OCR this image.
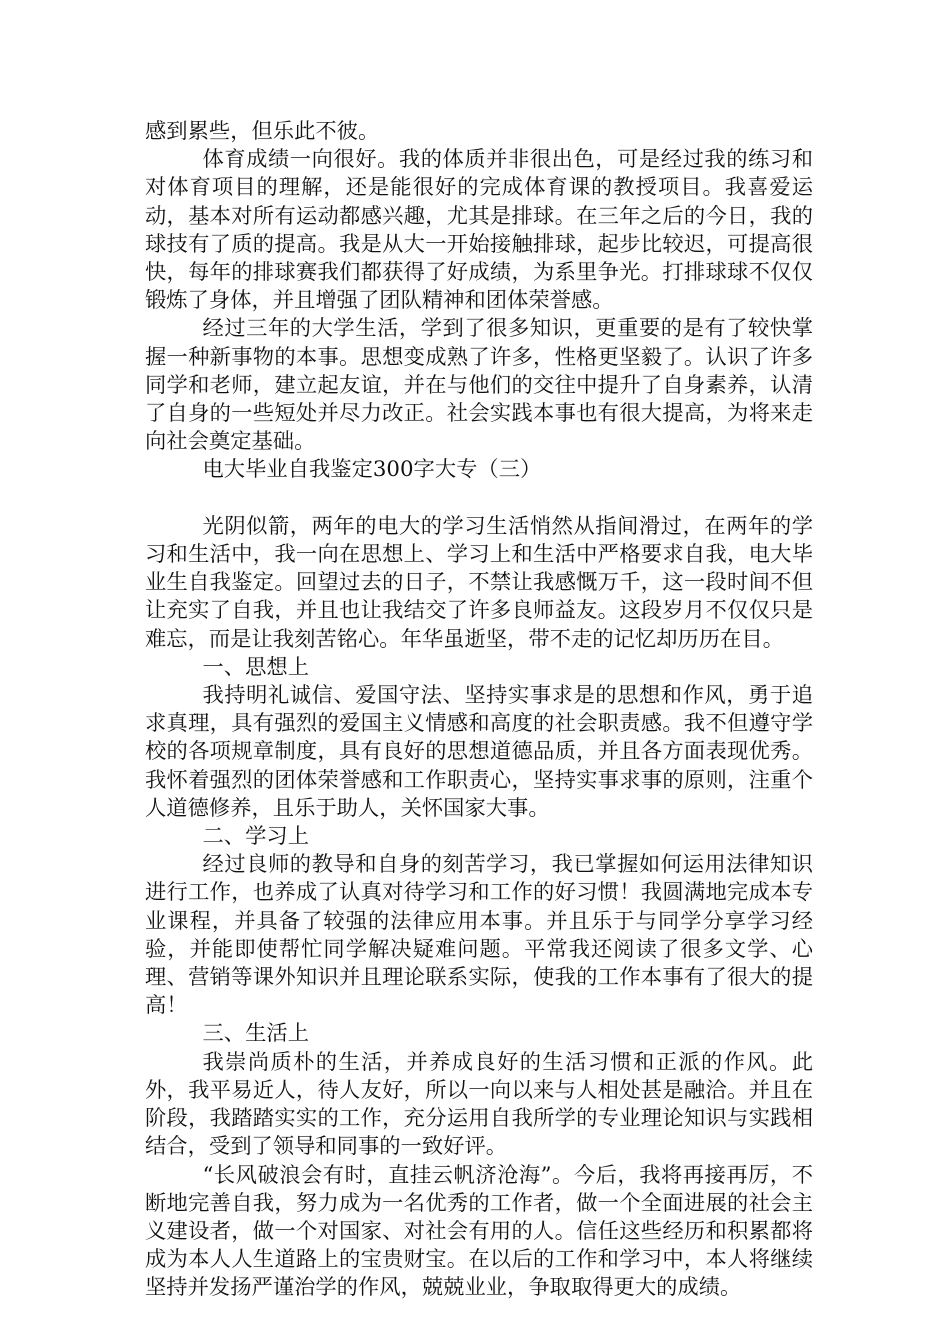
感到累些，但乐此不彼。

体育成绩一向很好。我的体质并非很出色，可是经过我的练习和对体育项目的理解，还是能很好的完成体育课的教授项目。我喜爱运动，基本对所有运动都感兴趣，尤其是排球。在三年之后的今日，我的球技有了质的提高。我是从大一开始接触排球，起步比较迟，可提高很快，每年的排球赛我们都获得了好成绩，为系里争光。打排球球不仅仅锻炼了身体，并且增强了团队精神和团体荣誉感。

经过三年的大学生活，学到了很多知识，更重要的是有了较快掌握一种新事物的本事。思想变成熟了许多，性格更坚毅了。认识了许多同学和老师，建立起友谊，并在与他们的交往中提升了自身素养，认清了自身的一些短处并尽力改正。社会实践本事也有很大提高，为将来走向社会奠定基础。

电大毕业自我鉴定300字大专（三）

光阴似箭，两年的电大的学习生活悄然从指间滑过，在两年的学习和生活中，我一向在思想上、学习上和生活中严格要求自我，电大毕业生自我鉴定。回望过去的日子，不禁让我感慨万千，这一段时间不但让充实了自我，并且也让我结交了许多良师益友。这段岁月不仅仅只是难忘，而是让我刻苦铭心。年华虽逝坚，带不走的记忆却历历在目。

一、思想上

我持明礼诚信、爱国守法、坚持实事求是的思想和作风，勇于追求真理，具有强烈的爱国主义情感和高度的社会职责感。我不但遵守学校的各项规章制度，具有良好的思想道德品质，并且各方面表现优秀。我怀着强烈的团体荣誉感和工作职责心，坚持实事求事的原则，注重个人道德修养，且乐于助人，关怀国家大事。

二、学习上

经过良师的教导和自身的刻苦学习，我已掌握如何运用法律知识进行工作，也养成了认真对待学习和工作的好习惯！我圆满地完成本专业课程，并具备了较强的法律应用本事。并且乐于与同学分享学习经验，并能即使帮忙同学解决疑难问题。平常我还阅读了很多文学、心理、营销等课外知识并且理论联系实际，使我的工作本事有了很大的提高！

三、生活上

我崇尚质朴的生活，并养成良好的生活习惯和正派的作风。此外，我平易近人，待人友好，所以一向以来与人相处甚是融洽。并且在阶段，我踏踏实实的工作，充分运用自我所学的专业理论知识与实践相结合，受到了领导和同事的一致好评。

“长风破浪会有时，直挂云帆济沧海”。今后，我将再接再厉，不断地完善自我，努力成为一名优秀的工作者，做一个全面进展的社会主义建设者，做一个对国家、对社会有用的人。信任这些经历和积累都将成为本人人生道路上的宝贵财宝。在以后的工作和学习中，本人将继续坚持并发扬严谨治学的作风，兢兢业业，争取取得更大的成绩。
